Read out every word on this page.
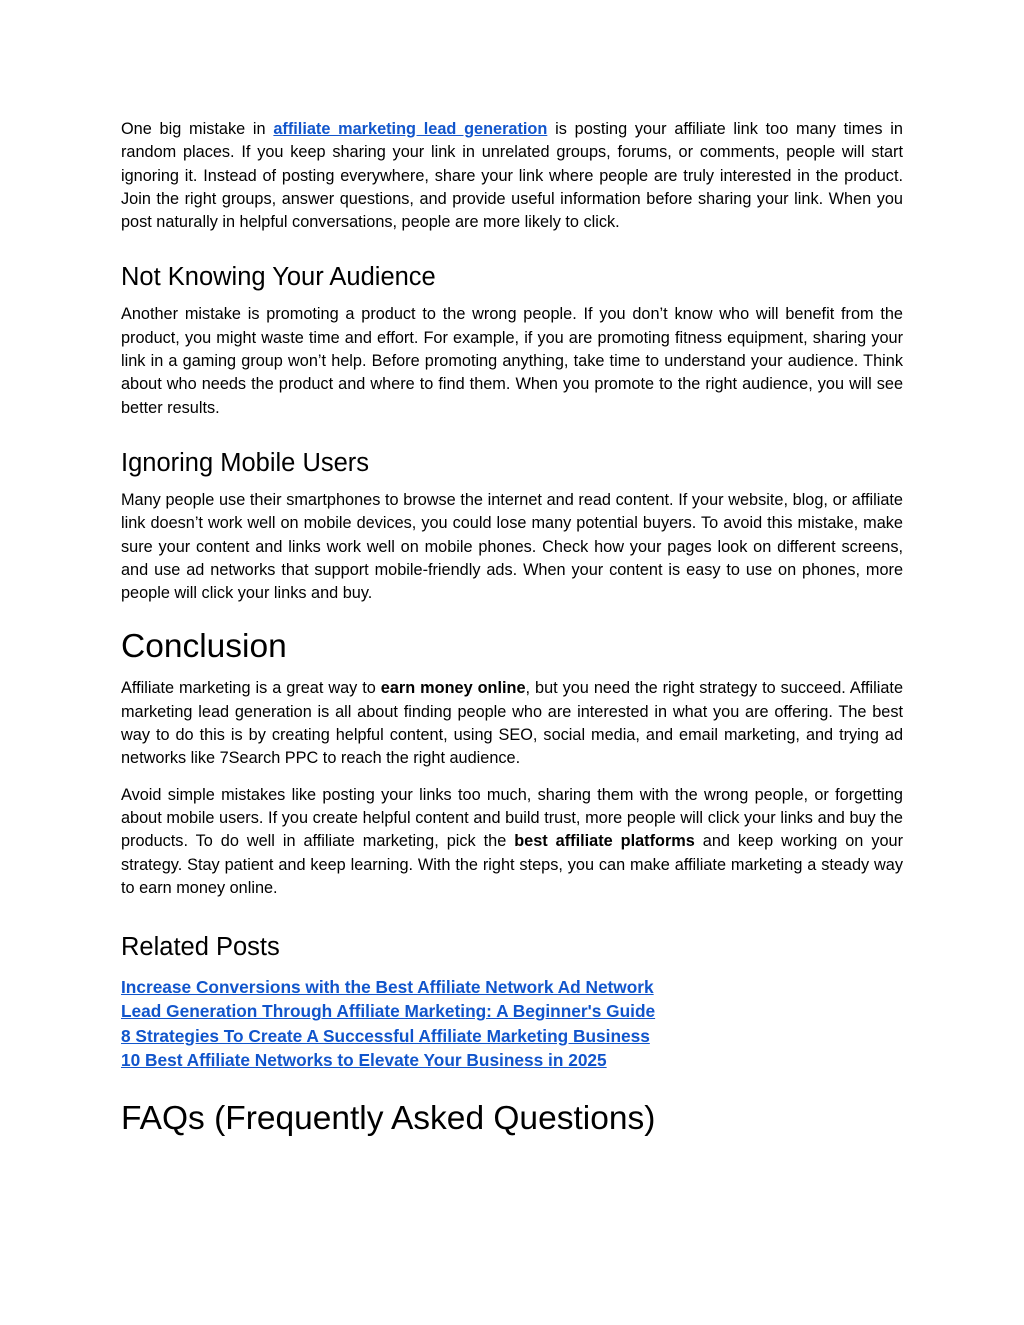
One big mistake in affiliate marketing lead generation is posting your affiliate link too many times in random places. If you keep sharing your link in unrelated groups, forums, or comments, people will start ignoring it. Instead of posting everywhere, share your link where people are truly interested in the product. Join the right groups, answer questions, and provide useful information before sharing your link. When you post naturally in helpful conversations, people are more likely to click.

Not Knowing Your Audience

Another mistake is promoting a product to the wrong people. If you don’t know who will benefit from the product, you might waste time and effort. For example, if you are promoting fitness equipment, sharing your link in a gaming group won’t help. Before promoting anything, take time to understand your audience. Think about who needs the product and where to find them. When you promote to the right audience, you will see better results.

Ignoring Mobile Users

Many people use their smartphones to browse the internet and read content. If your website, blog, or affiliate link doesn’t work well on mobile devices, you could lose many potential buyers. To avoid this mistake, make sure your content and links work well on mobile phones. Check how your pages look on different screens, and use ad networks that support mobile-friendly ads. When your content is easy to use on phones, more people will click your links and buy.

Conclusion

Affiliate marketing is a great way to earn money online, but you need the right strategy to succeed. Affiliate marketing lead generation is all about finding people who are interested in what you are offering. The best way to do this is by creating helpful content, using SEO, social media, and email marketing, and trying ad networks like 7Search PPC to reach the right audience.

Avoid simple mistakes like posting your links too much, sharing them with the wrong people, or forgetting about mobile users. If you create helpful content and build trust, more people will click your links and buy the products. To do well in affiliate marketing, pick the best affiliate platforms and keep working on your strategy. Stay patient and keep learning. With the right steps, you can make affiliate marketing a steady way to earn money online.

Related Posts
Increase Conversions with the Best Affiliate Network Ad Network
Lead Generation Through Affiliate Marketing: A Beginner's Guide
8 Strategies To Create A Successful Affiliate Marketing Business
10 Best Affiliate Networks to Elevate Your Business in 2025
FAQs (Frequently Asked Questions)
